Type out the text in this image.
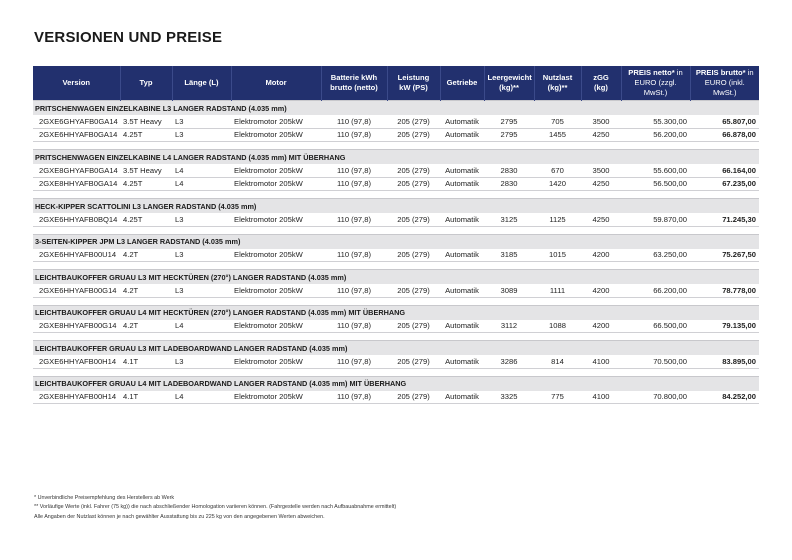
VERSIONEN UND PREISE
Version	Typ	Länge (L)	Motor	Batterie kWh
brutto (netto)	Leistung
kW (PS)	Getriebe	Leergewicht
(kg)**	Nutzlast
(kg)**	zGG
(kg)	PREIS netto* in
EURO (zzgl. MwSt.)	PREIS brutto* in
EURO (inkl. MwSt.)
PRITSCHENWAGEN EINZELKABINE L3 LANGER RADSTAND (4.035 mm)											
2GXE6GHYAFB0GA14	3.5T Heavy	L3	Elektromotor 205kW	110 (97,8)	205 (279)	Automatik	2795	705	3500	55.300,00	65.807,00
2GXE6HHYAFB0GA14	4.25T	L3	Elektromotor 205kW	110 (97,8)	205 (279)	Automatik	2795	1455	4250	56.200,00	66.878,00

PRITSCHENWAGEN EINZELKABINE L4 LANGER RADSTAND (4.035 mm) MIT ÜBERHANG											
2GXE8GHYAFB0GA14	3.5T Heavy	L4	Elektromotor 205kW	110 (97,8)	205 (279)	Automatik	2830	670	3500	55.600,00	66.164,00
2GXE8HHYAFB0GA14	4.25T	L4	Elektromotor 205kW	110 (97,8)	205 (279)	Automatik	2830	1420	4250	56.500,00	67.235,00

HECK-KIPPER SCATTOLINI L3 LANGER RADSTAND (4.035 mm)											
2GXE6HHYAFB0BQ14	4.25T	L3	Elektromotor 205kW	110 (97,8)	205 (279)	Automatik	3125	1125	4250	59.870,00	71.245,30

3-SEITEN-KIPPER JPM L3 LANGER RADSTAND (4.035 mm)											
2GXE6HHYAFB00U14	4.2T	L3	Elektromotor 205kW	110 (97,8)	205 (279)	Automatik	3185	1015	4200	63.250,00	75.267,50

LEICHTBAUKOFFER GRUAU L3 MIT HECKTÜREN (270°) LANGER RADSTAND (4.035 mm)											
2GXE6HHYAFB00G14	4.2T	L3	Elektromotor 205kW	110 (97,8)	205 (279)	Automatik	3089	1111	4200	66.200,00	78.778,00

LEICHTBAUKOFFER GRUAU L4 MIT HECKTÜREN (270°) LANGER RADSTAND (4.035 mm) MIT ÜBERHANG											
2GXE8HHYAFB00G14	4.2T	L4	Elektromotor 205kW	110 (97,8)	205 (279)	Automatik	3112	1088	4200	66.500,00	79.135,00

LEICHTBAUKOFFER GRUAU L3 MIT LADEBOARDWAND LANGER RADSTAND (4.035 mm)											
2GXE6HHYAFB00H14	4.1T	L3	Elektromotor 205kW	110 (97,8)	205 (279)	Automatik	3286	814	4100	70.500,00	83.895,00

LEICHTBAUKOFFER GRUAU L4 MIT LADEBOARDWAND LANGER RADSTAND (4.035 mm) MIT ÜBERHANG											
2GXE8HHYAFB00H14	4.1T	L4	Elektromotor 205kW	110 (97,8)	205 (279)	Automatik	3325	775	4100	70.800,00	84.252,00
* Unverbindliche Preisempfehlung des Herstellers ab Werk
** Vorläufige Werte (inkl. Fahrer (75 kg)) die nach abschließender Homologation variieren können. (Fahrgestelle werden nach Aufbauabnahme ermittelt)
Alle Angaben der Nutzlast können je nach gewählter Ausstattung bis zu 225 kg von den angegebenen Werten abweichen.
